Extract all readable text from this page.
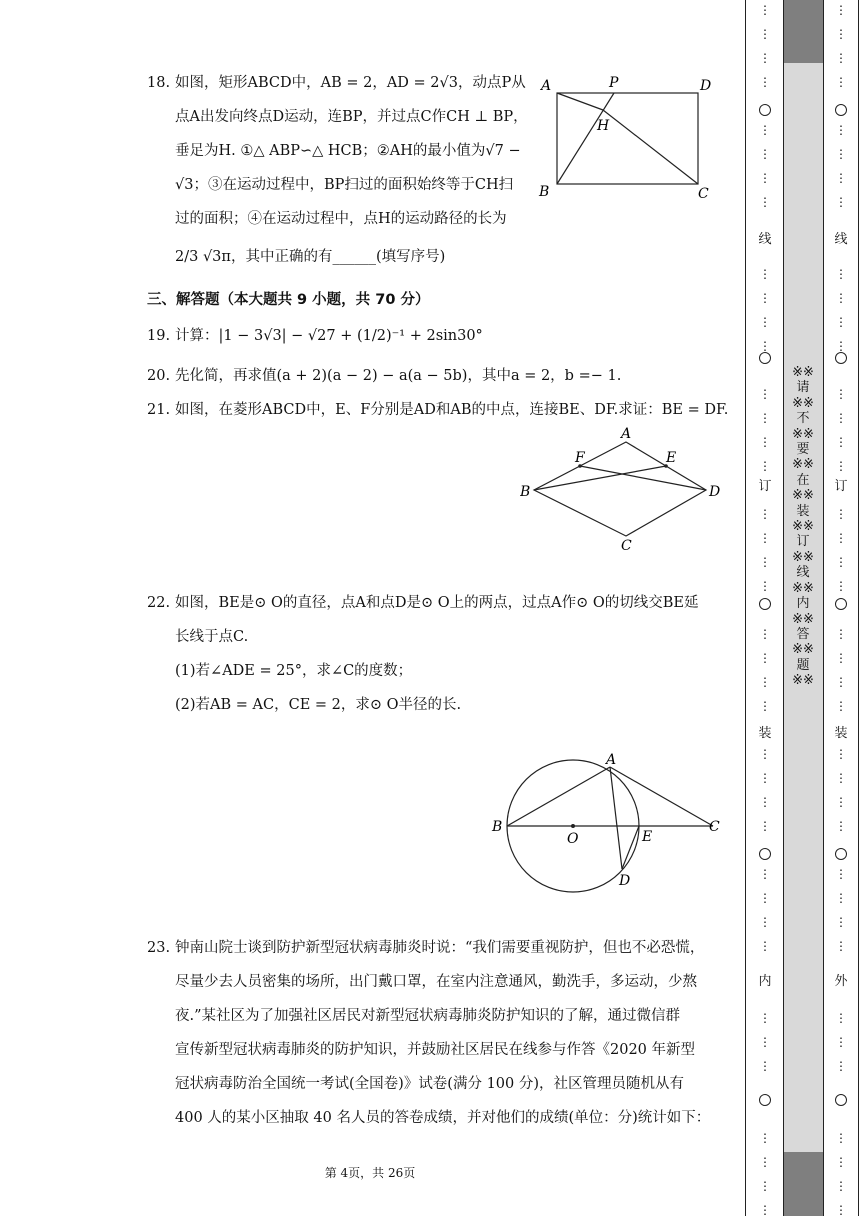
18. 如图，矩形ABCD中，AB = 2，AD = 2√3，动点P从
点A出发向终点D运动，连BP，并过点C作CH ⊥ BP，
垂足为H. ①△ ABP∽△ HCB；②AH的最小值为√7 −
√3；③在运动过程中，BP扫过的面积始终等于CH扫
过的面积；④在运动过程中，点H的运动路径的长为
2/3 √3π，其中正确的有______(填写序号)
A	P	D
H
B	C
三、解答题（本大题共 9 小题，共 70 分）
19. 计算：|1 − 3√3| − √27 + (1/2)⁻¹ + 2sin30°
20. 先化简，再求值(a + 2)(a − 2) − a(a − 5b)，其中a = 2，b =− 1.
21. 如图，在菱形ABCD中，E、F分别是AD和AB的中点，连接BE、DF.求证：BE = DF.
A
F	E
B	D
C
22. 如图，BE是⊙ O的直径，点A和点D是⊙ O上的两点，过点A作⊙ O的切线交BE延
长线于点C.
(1)若∠ADE = 25°，求∠C的度数；
(2)若AB = AC，CE = 2，求⊙ O半径的长.
A
B
O	E
C
D
23. 钟南山院士谈到防护新型冠状病毒肺炎时说：“我们需要重视防护，但也不必恐慌，
尽量少去人员密集的场所，出门戴口罩，在室内注意通风，勤洗手，多运动，少熬
夜.”某社区为了加强社区居民对新型冠状病毒肺炎防护知识的了解，通过微信群
宣传新型冠状病毒肺炎的防护知识，并鼓励社区居民在线参与作答《2020 年新型
冠状病毒防治全国统一考试(全国卷)》试卷(满分 100 分)，社区管理员随机从有
400 人的某小区抽取 40 名人员的答卷成绩，并对他们的成绩(单位：分)统计如下：
第 4页，共 26页
※※请※※不※※要※※在※※装※※订※※线※※内※※答※※题※※
⋮
⋮
⋮
⋮
⋮
⋮
⋮
⋮
⋮
⋮
⋮
⋮
⋮
⋮
⋮
⋮
⋮
⋮
⋮
⋮
⋮
⋮
⋮
⋮
⋮
⋮
⋮
⋮
⋮
⋮
⋮
⋮
⋮
⋮
⋮
⋮
⋮
⋮
⋮
⋮
⋮
⋮
⋮
⋮
⋮
⋮
⋮
⋮
⋮
⋮
⋮
⋮
⋮
⋮
⋮
⋮
⋮
⋮
⋮
⋮
⋮
⋮
⋮
⋮
⋮
⋮
⋮
⋮
⋮
⋮
⋮
⋮
⋮
⋮
⋮
⋮
⋮
⋮
线
订
装
内
线
订
装
外
